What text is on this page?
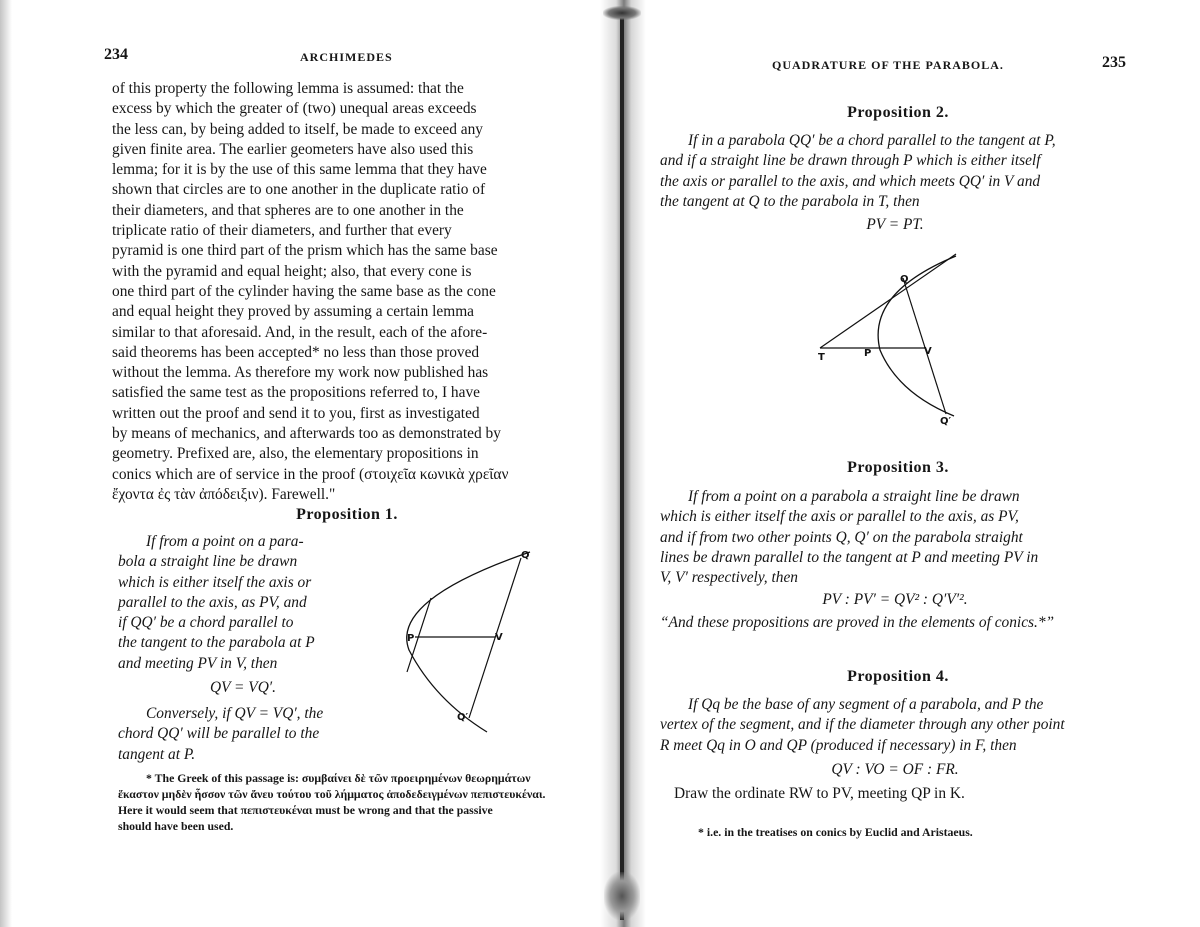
234	ARCHIMEDES

of this property the following lemma is assumed: that the

excess by which the greater of (two) unequal areas exceeds

the less can, by being added to itself, be made to exceed any

given finite area. The earlier geometers have also used this

lemma; for it is by the use of this same lemma that they have

shown that circles are to one another in the duplicate ratio of

their diameters, and that spheres are to one another in the

triplicate ratio of their diameters, and further that every

pyramid is one third part of the prism which has the same base

with the pyramid and equal height; also, that every cone is

one third part of the cylinder having the same base as the cone

and equal height they proved by assuming a certain lemma

similar to that aforesaid. And, in the result, each of the afore-

said theorems has been accepted* no less than those proved

without the lemma. As therefore my work now published has

satisfied the same test as the propositions referred to, I have

written out the proof and send it to you, first as investigated

by means of mechanics, and afterwards too as demonstrated by

geometry. Prefixed are, also, the elementary propositions in

conics which are of service in the proof (στοιχεῖα κωνικὰ χρεῖαν

ἔχοντα ἐς τὰν ἀπόδειξιν). Farewell."

Proposition 1.

If from a point on a para-

bola a straight line be drawn

which is either itself the axis or

parallel to the axis, as PV, and

if QQ′ be a chord parallel to

the tangent to the parabola at P

and meeting PV in V, then

QV = VQ′.

Conversely, if QV = VQ′, the

chord QQ′ will be parallel to the

tangent at P.

Q
P	V
Q′
* The Greek of this passage is: συμβαίνει δὲ τῶν προειρημένων θεωρημάτων
ἕκαστον μηδὲν ἧσσον τῶν ἄνευ τούτου τοῦ λήμματος ἀποδεδειγμένων πεπιστευκέναι.
Here it would seem that πεπιστευκέναι must be wrong and that the passive
should have been used.
QUADRATURE OF THE PARABOLA.	235
Proposition 2.

If in a parabola QQ′ be a chord parallel to the tangent at P,

and if a straight line be drawn through P which is either itself

the axis or parallel to the axis, and which meets QQ′ in V and

the tangent at Q to the parabola in T, then

PV = PT.
Q
T	P	V
Q′
Proposition 3.

If from a point on a parabola a straight line be drawn

which is either itself the axis or parallel to the axis, as PV,

and if from two other points Q, Q′ on the parabola straight

lines be drawn parallel to the tangent at P and meeting PV in

V, V′ respectively, then

PV : PV′ = QV² : Q′V′².
“And these propositions are proved in the elements of conics.*”
Proposition 4.

If Qq be the base of any segment of a parabola, and P the

vertex of the segment, and if the diameter through any other point

R meet Qq in O and QP (produced if necessary) in F, then

QV : VO = OF : FR.
Draw the ordinate RW to PV, meeting QP in K.
* i.e. in the treatises on conics by Euclid and Aristaeus.
